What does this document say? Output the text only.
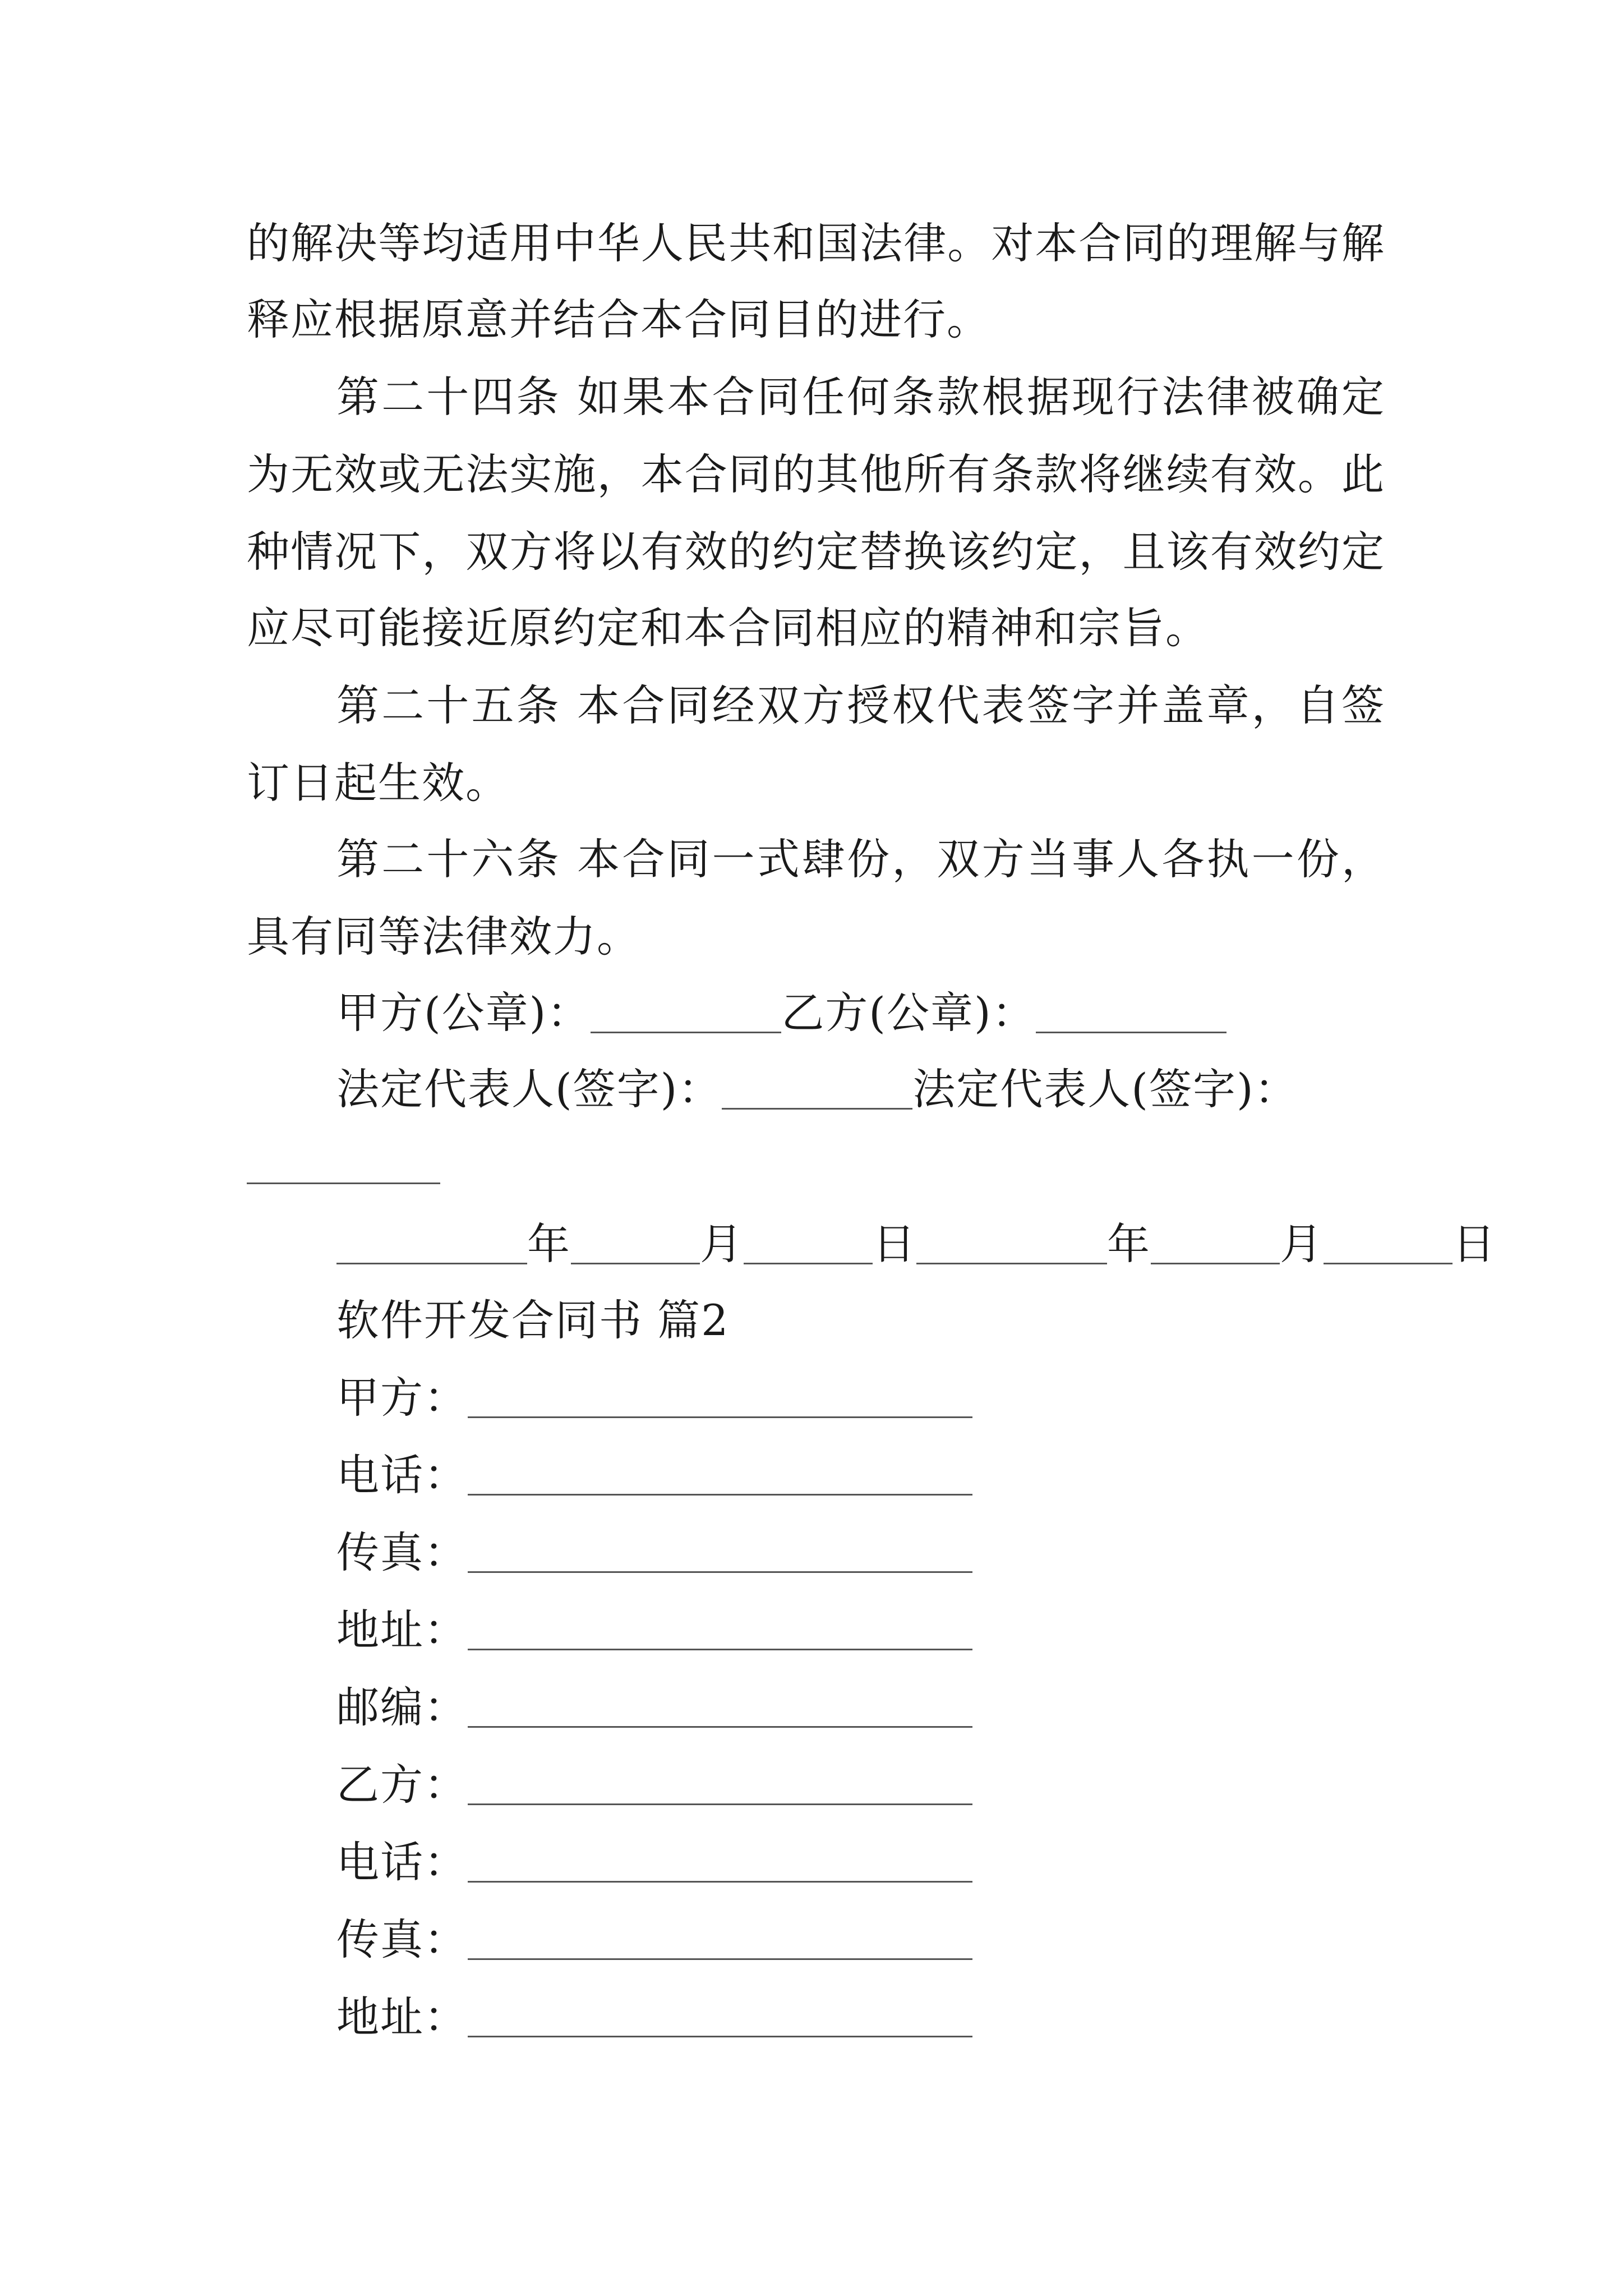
的解决等均适用中华人民共和国法律。对本合同的理解与解
释应根据原意并结合本合同目的进行。
第二十四条 如果本合同任何条款根据现行法律被确定
为无效或无法实施，本合同的其他所有条款将继续有效。此
种情况下，双方将以有效的约定替换该约定，且该有效约定
应尽可能接近原约定和本合同相应的精神和宗旨。
第二十五条 本合同经双方授权代表签字并盖章，自签
订日起生效。
第二十六条 本合同一式肆份，双方当事人各执一份，
具有同等法律效力。
甲方(公章)：	乙方(公章)：
法定代表人(签字)：	法定代表人(签字)：
年	月	日	年	月	日
软件开发合同书 篇2
甲方：
电话：
传真：
地址：
邮编：
乙方：
电话：
传真：
地址：
